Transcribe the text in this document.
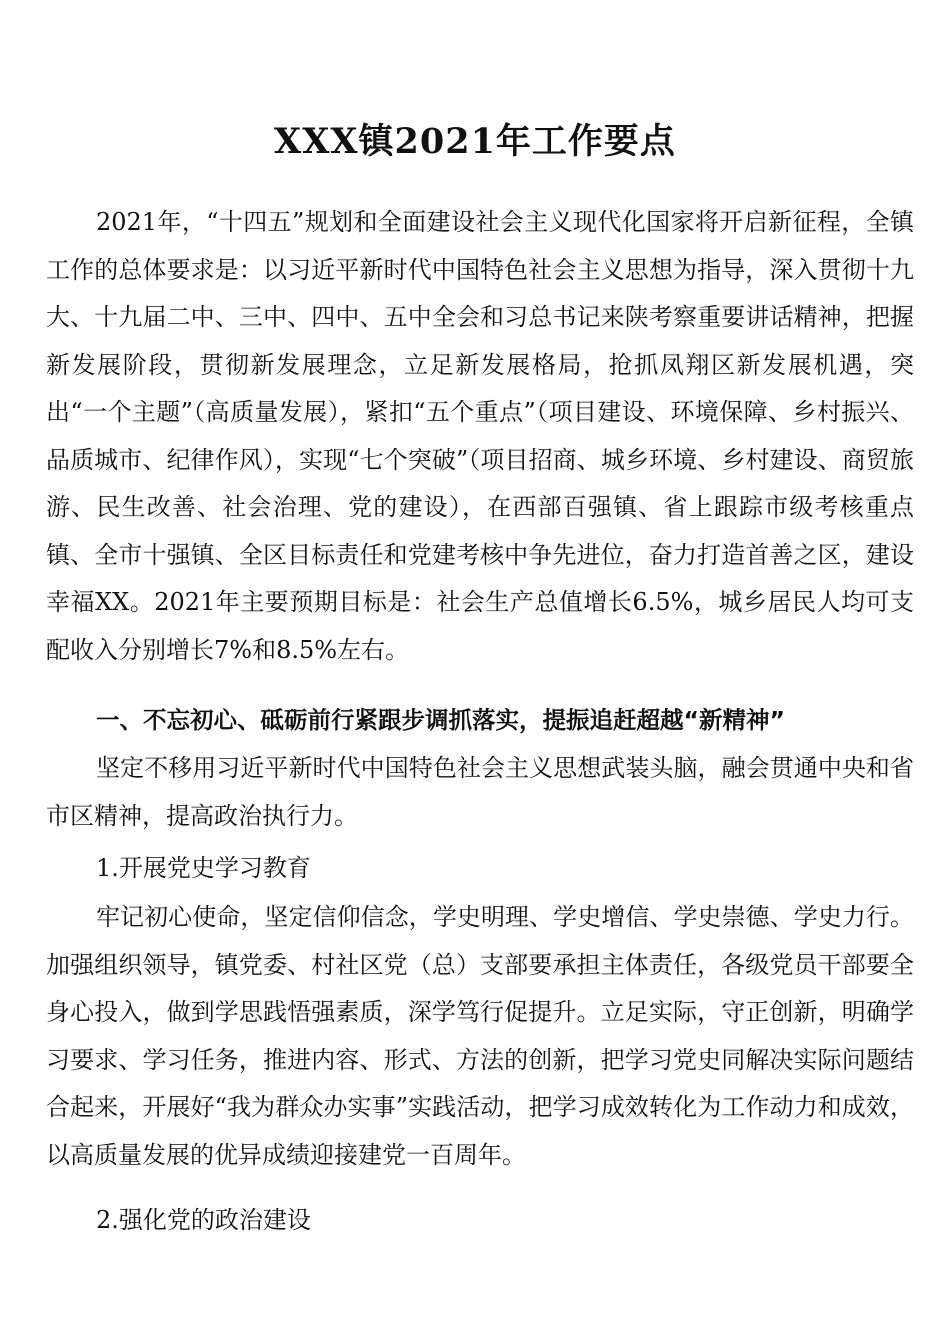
XXX镇2021年工作要点
2021年，“十四五”规划和全面建设社会主义现代化国家将开启新征程，全镇工作的总体要求是：以习近平新时代中国特色社会主义思想为指导，深入贯彻十九大、十九届二中、三中、四中、五中全会和习总书记来陕考察重要讲话精神，把握新发展阶段，贯彻新发展理念，立足新发展格局，抢抓凤翔区新发展机遇，突出“一个主题”（高质量发展），紧扣“五个重点”（项目建设、环境保障、乡村振兴、品质城市、纪律作风），实现“七个突破”（项目招商、城乡环境、乡村建设、商贸旅游、民生改善、社会治理、党的建设），在西部百强镇、省上跟踪市级考核重点镇、全市十强镇、全区目标责任和党建考核中争先进位，奋力打造首善之区，建设幸福XX。2021年主要预期目标是：社会生产总值增长6.5%，城乡居民人均可支配收入分别增长7%和8.5%左右。
一、不忘初心、砥砺前行紧跟步调抓落实，提振追赶超越“新精神”
坚定不移用习近平新时代中国特色社会主义思想武装头脑，融会贯通中央和省市区精神，提高政治执行力。
1.开展党史学习教育
牢记初心使命，坚定信仰信念，学史明理、学史增信、学史崇德、学史力行。加强组织领导，镇党委、村社区党（总）支部要承担主体责任，各级党员干部要全身心投入，做到学思践悟强素质，深学笃行促提升。立足实际，守正创新，明确学习要求、学习任务，推进内容、形式、方法的创新，把学习党史同解决实际问题结合起来，开展好“我为群众办实事”实践活动，把学习成效转化为工作动力和成效，以高质量发展的优异成绩迎接建党一百周年。
2.强化党的政治建设
